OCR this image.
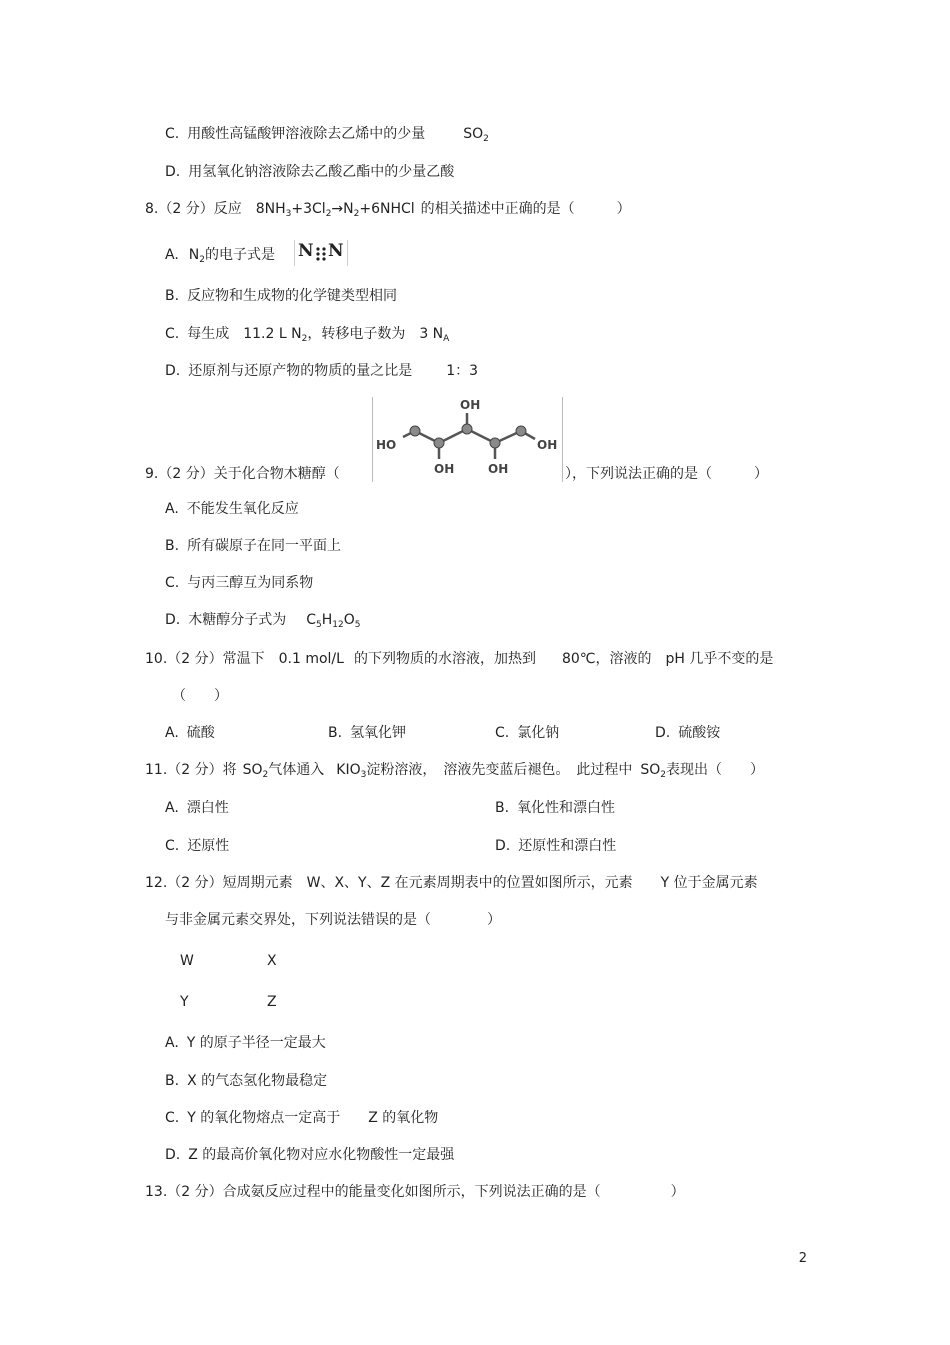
C. 用酸性高锰酸钾溶液除去乙烯中的少量	$SO_2$
D. 用氢氧化钠溶液除去乙酸乙酯中的少量乙酸
8.（2 分）反应 $8NH_3+3Cl_2\to N_2+6NHCl$ 的相关描述中正确的是（　　　）
A. $N_2$的电子式是 N N
B. 反应物和生成物的化学键类型相同
C. 每生成 11.2 L $N_2$，转移电子数为 3 $N_A$
D. 还原剂与还原产物的物质的量之比是 1：3
OH
HO	OH
OH	OH
9.（2 分）关于化合物木糖醇（	），下列说法正确的是（　　　）
A. 不能发生氧化反应
B. 所有碳原子在同一平面上
C. 与丙三醇互为同系物
D. 木糖醇分子式为 $C_5H_{12}O_5$
10.（2 分）常温下 0.1 mol/L 的下列物质的水溶液，加热到 80℃，溶液的 pH 几乎不变的是
（　　）
A. 硫酸	B. 氢氧化钾	C. 氯化钠	D. 硫酸铵
11.（2 分）将 $SO_2$气体通入 $KIO_3$淀粉溶液，　溶液先变蓝后褪色。　此过程中 $SO_2$表现出（　　）
A. 漂白性	B. 氧化性和漂白性
C. 还原性	D. 还原性和漂白性
12.（2 分）短周期元素　W、X、Y、Z 在元素周期表中的位置如图所示，元素　　Y 位于金属元素
与非金属元素交界处，下列说法错误的是（　　　　）
W	X
Y	Z
A. Y 的原子半径一定最大
B. X 的气态氢化物最稳定
C. Y 的氧化物熔点一定高于　　Z 的氧化物
D. Z 的最高价氧化物对应水化物酸性一定最强
13.（2 分）合成氨反应过程中的能量变化如图所示，下列说法正确的是（　　　　　）
2
